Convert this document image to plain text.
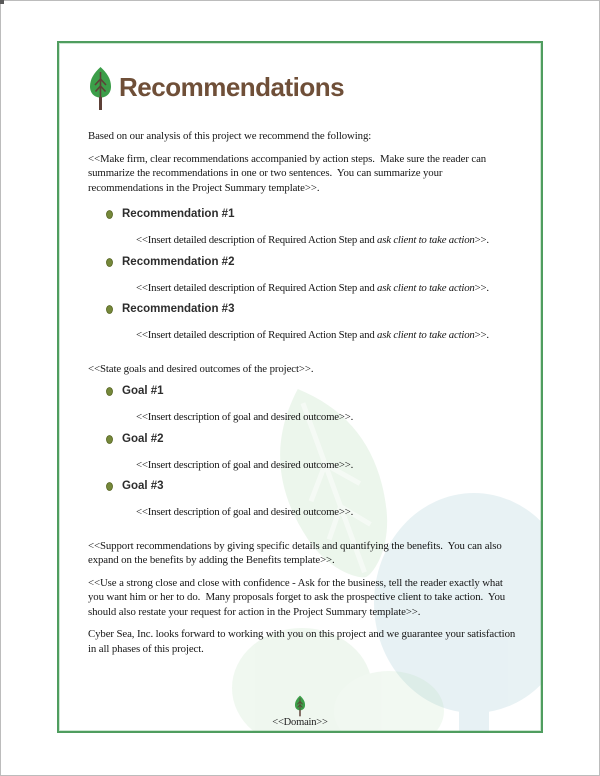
Recommendations

Based on our analysis of this project we recommend the following:

<<Make firm, clear recommendations accompanied by action steps.  Make sure the reader can summarize the recommendations in one or two sentences.  You can summarize your recommendations in the Project Summary template>>.

Recommendation #1

<<Insert detailed description of Required Action Step and ask client to take action>>.

Recommendation #2

<<Insert detailed description of Required Action Step and ask client to take action>>.

Recommendation #3

<<Insert detailed description of Required Action Step and ask client to take action>>.

<<State goals and desired outcomes of the project>>.

Goal #1

<<Insert description of goal and desired outcome>>.

Goal #2

<<Insert description of goal and desired outcome>>.

Goal #3

<<Insert description of goal and desired outcome>>.

<<Support recommendations by giving specific details and quantifying the benefits.  You can also expand on the benefits by adding the Benefits template>>.

<<Use a strong close and close with confidence - Ask for the business, tell the reader exactly what you want him or her to do.  Many proposals forget to ask the prospective client to take action.  You should also restate your request for action in the Project Summary template>>.

Cyber Sea, Inc. looks forward to working with you on this project and we guarantee your satisfaction in all phases of this project.

<<Domain>>
